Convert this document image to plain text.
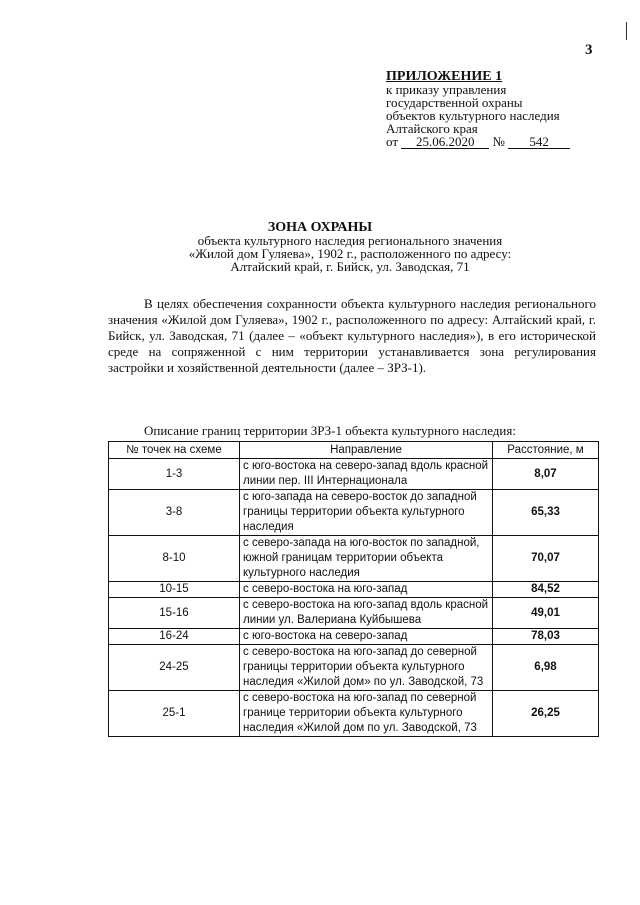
3
ПРИЛОЖЕНИЕ 1
к приказу управления
государственной охраны
объектов культурного наследия
Алтайского края
от 25.06.2020 № 542
ЗОНА ОХРАНЫ
объекта культурного наследия регионального значения
«Жилой дом Гуляева», 1902 г., расположенного по адресу:
Алтайский край, г. Бийск, ул. Заводская, 71
В целях обеспечения сохранности объекта культурного наследия регионального значения «Жилой дом Гуляева», 1902 г., расположенного по адресу: Алтайский край, г. Бийск, ул. Заводская, 71 (далее – «объект культурного наследия»), в его исторической среде на сопряженной с ним территории устанавливается зона регулирования застройки и хозяйственной деятельности (далее – ЗРЗ-1).
Описание границ территории ЗРЗ-1 объекта культурного наследия:
№ точек на схеме	Направление	Расстояние, м
1-3	с юго-востока на северо-запад вдоль красной линии пер. III Интернационала	8,07
3-8	с юго-запада на северо-восток до западной границы территории объекта культурного наследия	65,33
8-10	с северо-запада на юго-восток по западной, южной границам территории объекта культурного наследия	70,07
10-15	с северо-востока на юго-запад	84,52
15-16	с северо-востока на юго-запад вдоль красной линии ул. Валериана Куйбышева	49,01
16-24	с юго-востока на северо-запад	78,03
24-25	с северо-востока на юго-запад до северной границы территории объекта культурного наследия «Жилой дом» по ул. Заводской, 73	6,98
25-1	с северо-востока на юго-запад по северной границе территории объекта культурного наследия «Жилой дом по ул. Заводской, 73	26,25
